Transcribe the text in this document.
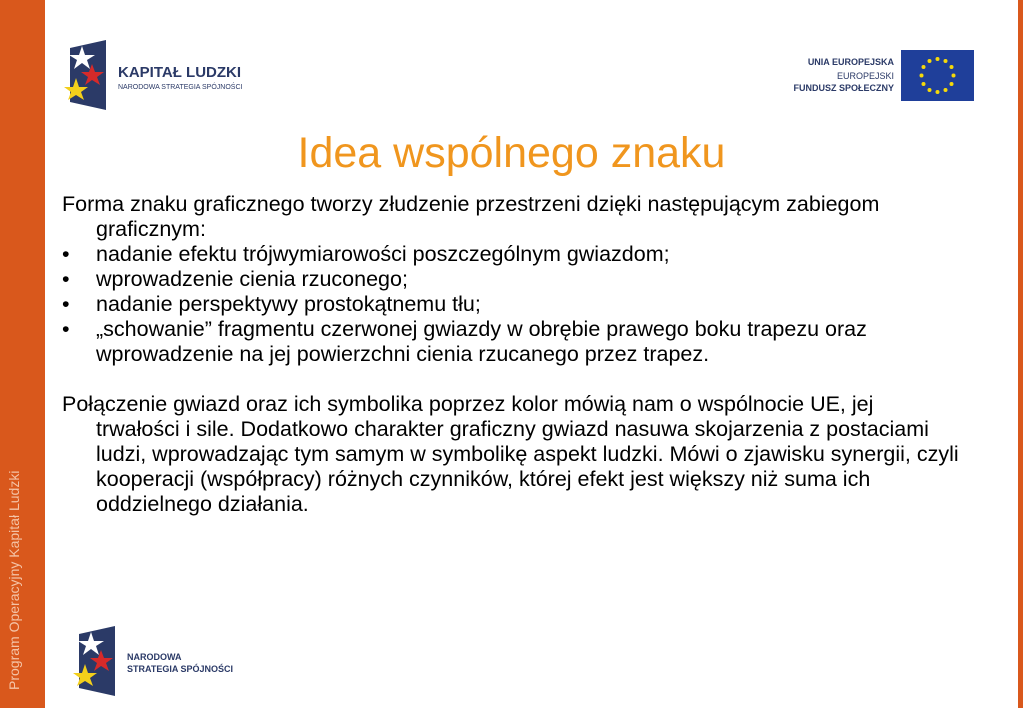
Program Operacyjny Kapitał Ludzki
KAPITAŁ LUDZKI
NARODOWA STRATEGIA SPÓJNOŚCI
UNIA EUROPEJSKA
EUROPEJSKI
FUNDUSZ SPOŁECZNY
Idea wspólnego znaku

Forma znaku graficznego tworzy złudzenie przestrzeni dzięki następującym zabiegom graficznym:

• nadanie efektu trójwymiarowości poszczególnym gwiazdom;

• wprowadzenie cienia rzuconego;

• nadanie perspektywy prostokątnemu tłu;

• „schowanie” fragmentu czerwonej gwiazdy w obrębie prawego boku trapezu oraz wprowadzenie na jej powierzchni cienia rzucanego przez trapez.

Połączenie gwiazd oraz ich symbolika poprzez kolor mówią nam o wspólnocie UE, jej trwałości i sile. Dodatkowo charakter graficzny gwiazd nasuwa skojarzenia z postaciami ludzi, wprowadzając tym samym w symbolikę aspekt ludzki. Mówi o zjawisku synergii, czyli kooperacji (współpracy) różnych czynników, której efekt jest większy niż suma ich oddzielnego działania.

NARODOWA
STRATEGIA SPÓJNOŚCI
